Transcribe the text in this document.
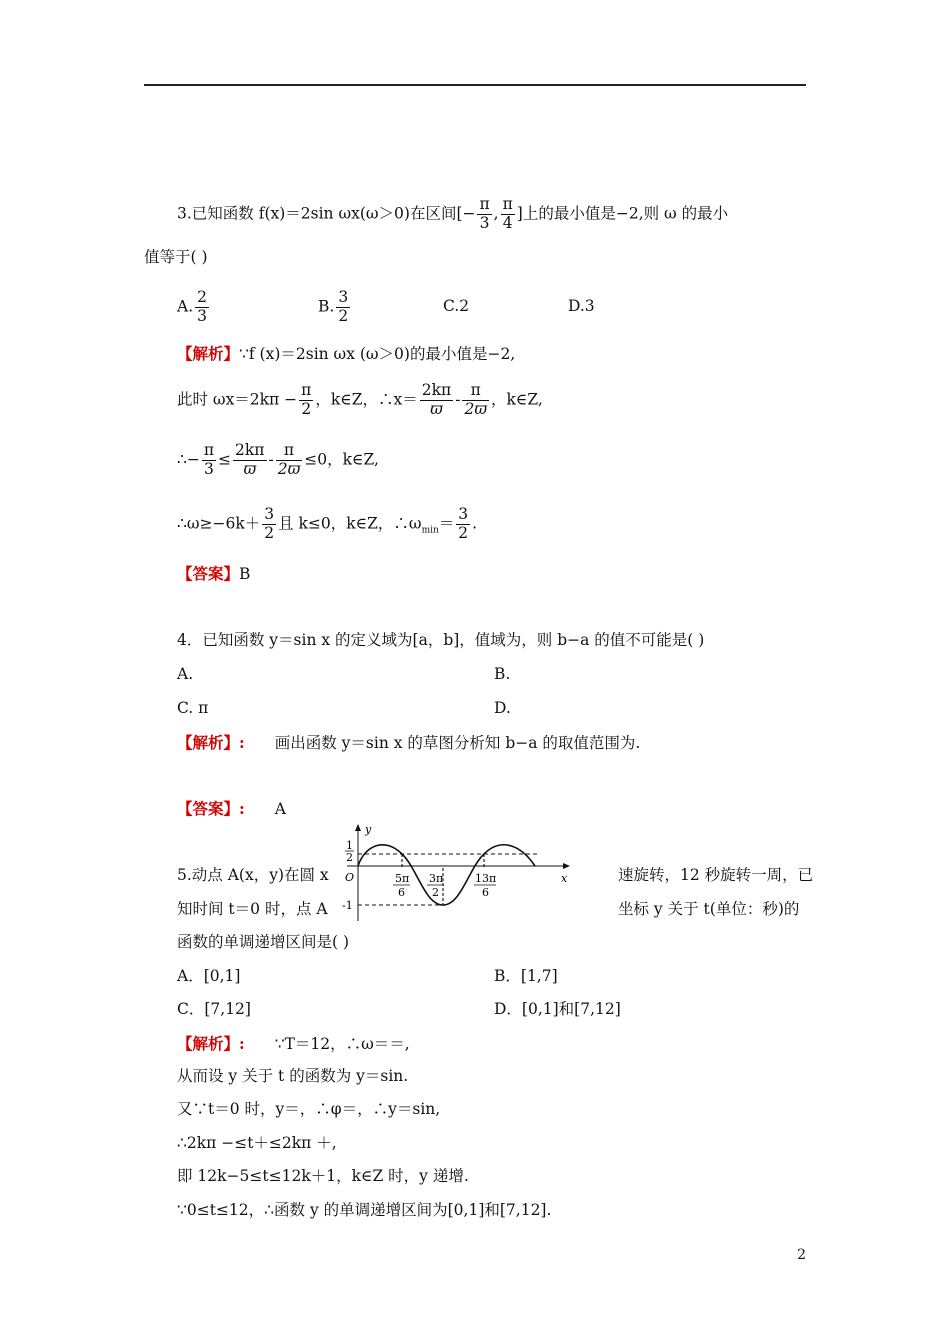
3.已知函数 f(x)＝2sin ωx(ω＞0)在区间[− $\frac{\pi}{3}$ , $\frac{\pi}{4}$ ]上的最小值是−2,则 ω 的最小
值等于( )
A. $\frac{2}{3}$	B. $\frac{3}{2}$	C.2	D.3
【解析】∵f (x)＝2sin ωx (ω＞0)的最小值是−2,
此时 $\omega x=2k\pi - \frac{\pi}{2}$ ，k∈Z，∴x＝ $\frac{2k\pi}{ϖ} - \frac{\pi}{2ϖ}$ ，k∈Z,
∴− $\frac{\pi}{3} \le \frac{2k\pi}{ϖ} - \frac{\pi}{2ϖ} \le 0$，k∈Z,
∴ω≥−6k＋ $\frac{3}{2}$ 且 k≤0，k∈Z，$\therefore\omega_{min}= \frac{3}{2}$ .
【答案】B
4．已知函数 y＝sin x 的定义域为[a，b]，值域为，则 b−a 的值不可能是( )
A.	B.
C. π	D.
【解析】: 画出函数 y＝sin x 的草图分析知 b−a 的取值范围为.
【答案】: A
y
x
O
1
2
-1
5π
6
3π
2
13π
6
5.动点 A(x，y)在圆 x	速旋转，12 秒旋转一周，已
知时间 t＝0 时，点 A	坐标 y 关于 t(单位：秒)的
函数的单调递增区间是( )
A．[0,1]	B．[1,7]
C．[7,12]	D．[0,1]和[7,12]
【解析】: ∵T＝12，∴ω＝＝,
从而设 y 关于 t 的函数为 y＝sin.
又∵t＝0 时，y＝，∴φ＝，∴y＝sin,
∴2kπ −≤t＋≤2kπ ＋,
即 12k−5≤t≤12k＋1，k∈Z 时，y 递增.
∵0≤t≤12，∴函数 y 的单调递增区间为[0,1]和[7,12].
2
